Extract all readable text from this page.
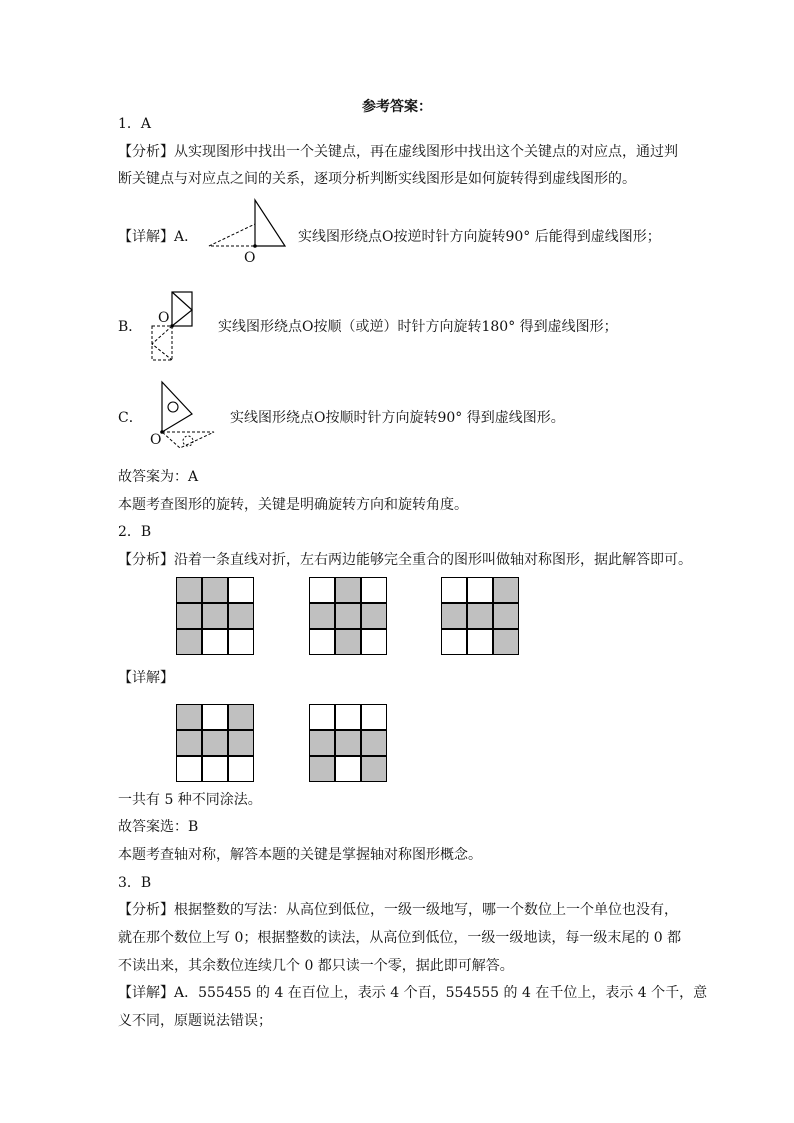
参考答案：
1．A
【分析】从实现图形中找出一个关键点，再在虚线图形中找出这个关键点的对应点，通过判
断关键点与对应点之间的关系，逐项分析判断实线图形是如何旋转得到虚线图形的。
【详解】A．
O
实线图形绕点O按逆时针方向旋转90° 后能得到虚线图形；
B．
O
实线图形绕点O按顺（或逆）时针方向旋转180° 得到虚线图形；
C．
O
实线图形绕点O按顺时针方向旋转90° 得到虚线图形。
故答案为：A
本题考查图形的旋转，关键是明确旋转方向和旋转角度。
2．B
【分析】沿着一条直线对折，左右两边能够完全重合的图形叫做轴对称图形，据此解答即可。
【详解】
一共有 5 种不同涂法。
故答案选：B
本题考查轴对称，解答本题的关键是掌握轴对称图形概念。
3．B
【分析】根据整数的写法：从高位到低位，一级一级地写，哪一个数位上一个单位也没有，
就在那个数位上写 0；根据整数的读法，从高位到低位，一级一级地读，每一级末尾的 0 都
不读出来，其余数位连续几个 0 都只读一个零，据此即可解答。
【详解】A．555455 的 4 在百位上，表示 4 个百，554555 的 4 在千位上，表示 4 个千，意
义不同，原题说法错误；
